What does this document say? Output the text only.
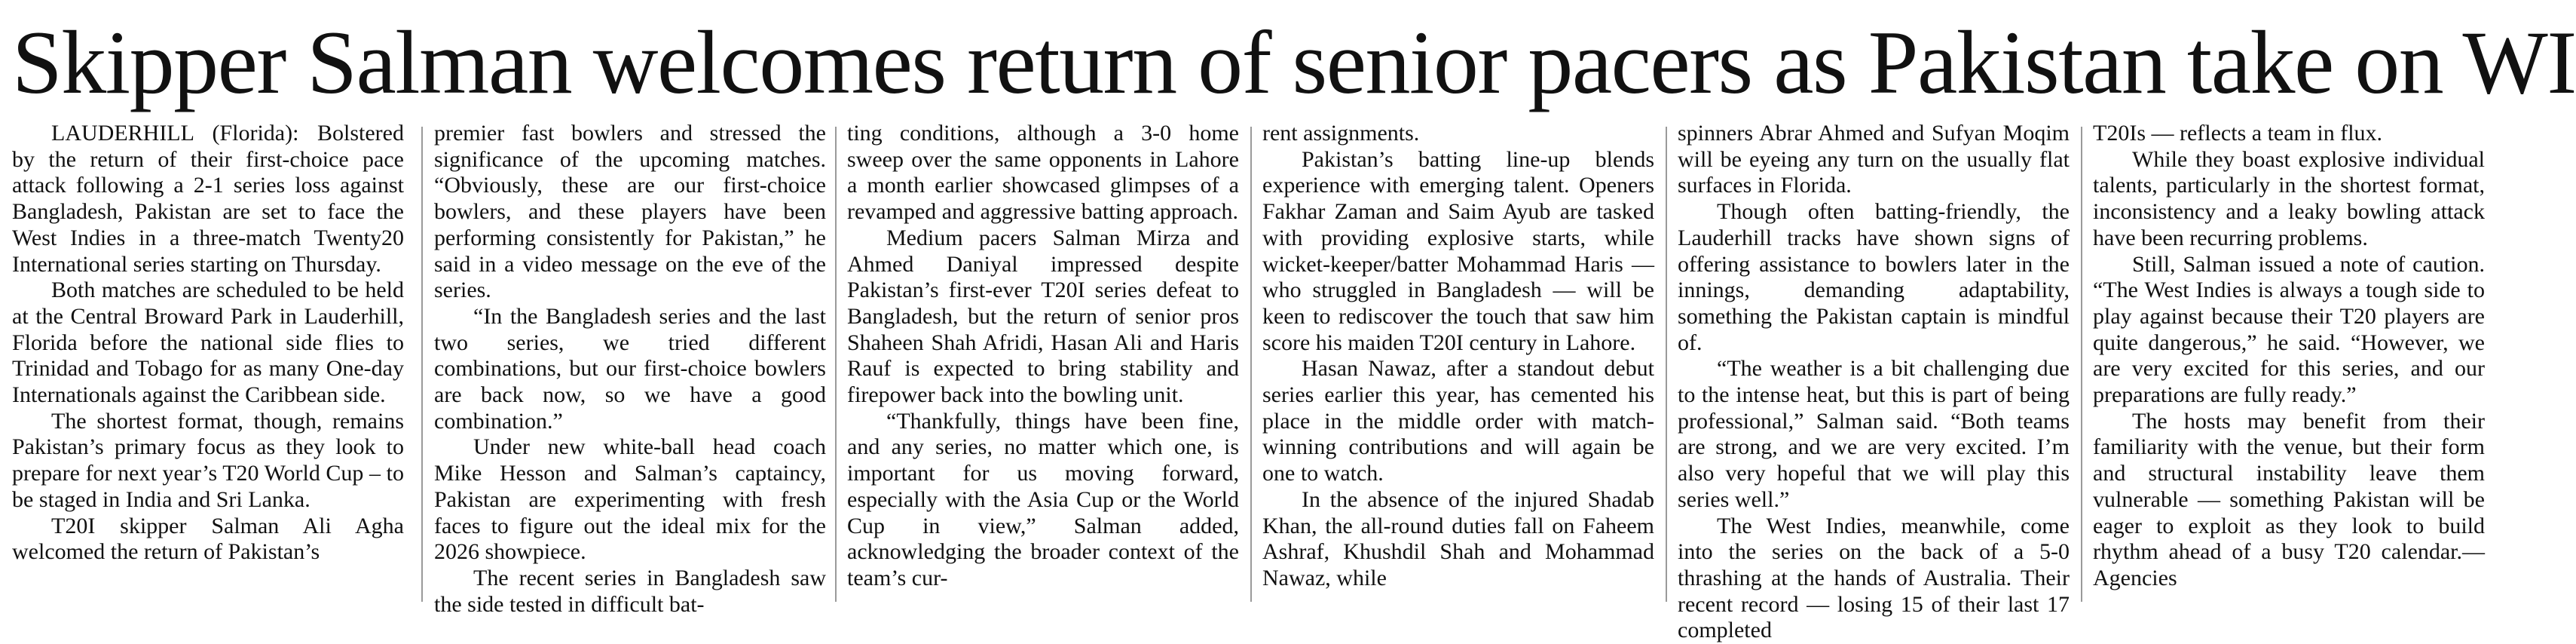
Skipper Salman welcomes return of senior pacers as Pakistan take on WI

LAUDERHILL (Florida): Bolstered by the return of their first-choice pace attack following a 2-1 series loss against Bangladesh, Pakistan are set to face the West Indies in a three-match Twenty20 International series starting on Thursday.

Both matches are scheduled to be held at the Central Broward Park in Lauderhill, Florida before the national side flies to Trinidad and Tobago for as many One-day Internationals against the Caribbean side.

The shortest format, though, remains Pakistan’s primary focus as they look to prepare for next year’s T20 World Cup – to be staged in India and Sri Lanka.

T20I skipper Salman Ali Agha welcomed the return of Pakistan’s

premier fast bowlers and stressed the significance of the upcoming matches. “Obviously, these are our first-choice bowlers, and these players have been performing consistently for Pakistan,” he said in a video message on the eve of the series.

“In the Bangladesh series and the last two series, we tried different combinations, but our first-choice bowlers are back now, so we have a good combination.”

Under new white-ball head coach Mike Hesson and Salman’s captaincy, Pakistan are experimenting with fresh faces to figure out the ideal mix for the 2026 showpiece.

The recent series in Bangladesh saw the side tested in difficult bat-

ting conditions, although a 3-0 home sweep over the same opponents in Lahore a month earlier showcased glimpses of a revamped and aggressive batting approach.

Medium pacers Salman Mirza and Ahmed Daniyal impressed despite Pakistan’s first-ever T20I series defeat to Bangladesh, but the return of senior pros Shaheen Shah Afridi, Hasan Ali and Haris Rauf is expected to bring stability and firepower back into the bowling unit.

“Thankfully, things have been fine, and any series, no matter which one, is important for us moving forward, especially with the Asia Cup or the World Cup in view,” Salman added, acknowledging the broader context of the team’s cur-

rent assignments.

Pakistan’s batting line-up blends experience with emerging talent. Openers Fakhar Zaman and Saim Ayub are tasked with providing explosive starts, while wicket-keeper/batter Mohammad Haris — who struggled in Bangladesh — will be keen to rediscover the touch that saw him score his maiden T20I century in Lahore.

Hasan Nawaz, after a standout debut series earlier this year, has cemented his place in the middle order with match-winning contributions and will again be one to watch.

In the absence of the injured Shadab Khan, the all-round duties fall on Faheem Ashraf, Khushdil Shah and Mohammad Nawaz, while

spinners Abrar Ahmed and Sufyan Moqim will be eyeing any turn on the usually flat surfaces in Florida.

Though often batting-friendly, the Lauderhill tracks have shown signs of offering assistance to bowlers later in the innings, demanding adaptability, something the Pakistan captain is mindful of.

“The weather is a bit challenging due to the intense heat, but this is part of being professional,” Salman said. “Both teams are strong, and we are very excited. I’m also very hopeful that we will play this series well.”

The West Indies, meanwhile, come into the series on the back of a 5-0 thrashing at the hands of Australia. Their recent record — losing 15 of their last 17 completed

T20Is — reflects a team in flux.

While they boast explosive individual talents, particularly in the shortest format, inconsistency and a leaky bowling attack have been recurring problems.

Still, Salman issued a note of caution. “The West Indies is always a tough side to play against because their T20 players are quite dangerous,” he said. “However, we are very excited for this series, and our preparations are fully ready.”

The hosts may benefit from their familiarity with the venue, but their form and structural instability leave them vulnerable — something Pakistan will be eager to exploit as they look to build rhythm ahead of a busy T20 calendar.—Agencies
